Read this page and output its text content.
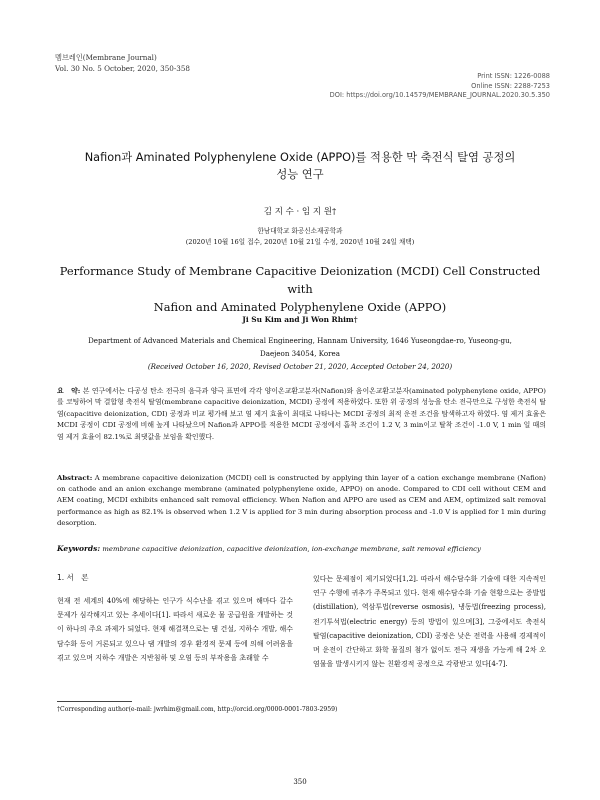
멤브레인(Membrane Journal)
Vol. 30 No. 5 October, 2020, 350-358
Print ISSN: 1226-0088
Online ISSN: 2288-7253
DOI: https://doi.org/10.14579/MEMBRANE_JOURNAL.2020.30.5.350
Nafion과 Aminated Polyphenylene Oxide (APPO)를 적용한 막 축전식 탈염 공정의
성능 연구
김 지 수 · 임 지 원†
한남대학교 화공신소재공학과
(2020년 10월 16일 접수, 2020년 10월 21일 수정, 2020년 10월 24일 채택)
Performance Study of Membrane Capacitive Deionization (MCDI) Cell Constructed with
Nafion and Aminated Polyphenylene Oxide (APPO)
Ji Su Kim and Ji Won Rhim†
Department of Advanced Materials and Chemical Engineering, Hannam University, 1646 Yuseongdae-ro, Yuseong-gu,
Daejeon 34054, Korea
(Received October 16, 2020, Revised October 21, 2020, Accepted October 24, 2020)
요　약: 본 연구에서는 다공성 탄소 전극의 음극과 양극 표면에 각각 양이온교환고분자(Nafion)와 음이온교환고분자(aminated polyphenylene oxide, APPO)를 코팅하여 막 결합형 축전식 탈염(membrane capacitive deionization, MCDI) 공정에 적용하였다. 또한 위 공정의 성능을 탄소 전극만으로 구성한 축전식 탈염(capacitive deionization, CDI) 공정과 비교 평가해 보고 염 제거 효율이 최대로 나타나는 MCDI 공정의 최적 운전 조건을 탐색하고자 하였다. 염 제거 효율은 MCDI 공정이 CDI 공정에 비해 높게 나타났으며 Nafion과 APPO를 적용한 MCDI 공정에서 흡착 조건이 1.2 V, 3 min이고 탈착 조건이 -1.0 V, 1 min 일 때의 염 제거 효율이 82.1%로 최댓값을 보임을 확인했다.
Abstract: A membrane capacitive deionization (MCDI) cell is constructed by applying thin layer of a cation exchange membrane (Nafion) on cathode and an anion exchange membrane (aminated polyphenylene oxide, APPO) on anode. Compared to CDI cell without CEM and AEM coating, MCDI exhibits enhanced salt removal efficiency. When Nafion and APPO are used as CEM and AEM, optimized salt removal performance as high as 82.1% is observed when 1.2 V is applied for 3 min during absorption process and -1.0 V is applied for 1 min during desorption.
Keywords: membrane capacitive deionization, capacitive deionization, ion-exchange membrane, salt removal efficiency
1. 서　론
현재 전 세계의 40%에 해당하는 인구가 식수난을 겪고 있으며 해마다 갈수 문제가 심각해지고 있는 추세이다[1]. 따라서 새로운 물 공급원을 개발하는 것이 하나의 주요 과제가 되었다. 현재 해결책으로는 댐 건설, 지하수 개발, 해수담수화 등이 거론되고 있으나 댐 개발의 경우 환경적 문제 등에 의해 어려움을 겪고 있으며 지하수 개발은 지반침하 및 오염 등의 부작용을 초래할 수
있다는 문제점이 제기되었다[1,2]. 따라서 해수담수화 기술에 대한 지속적인 연구 수행에 귀추가 주목되고 있다. 현재 해수담수화 기술 현황으로는 증발법(distillation), 역삼투법(reverse osmosis), 냉동법(freezing process), 전기투석법(electric energy) 등의 방법이 있으며[3], 그중에서도 축전식 탈염(capacitive deionization, CDI) 공정은 낮은 전력을 사용해 경제적이며 운전이 간단하고 화학 물질의 첨가 없이도 전극 재생을 가능케 해 2차 오염물을 발생시키지 않는 친환경적 공정으로 각광받고 있다[4-7].
†Corresponding author(e-mail: jwrhim@gmail.com, http://orcid.org/0000-0001-7803-2959)
350
